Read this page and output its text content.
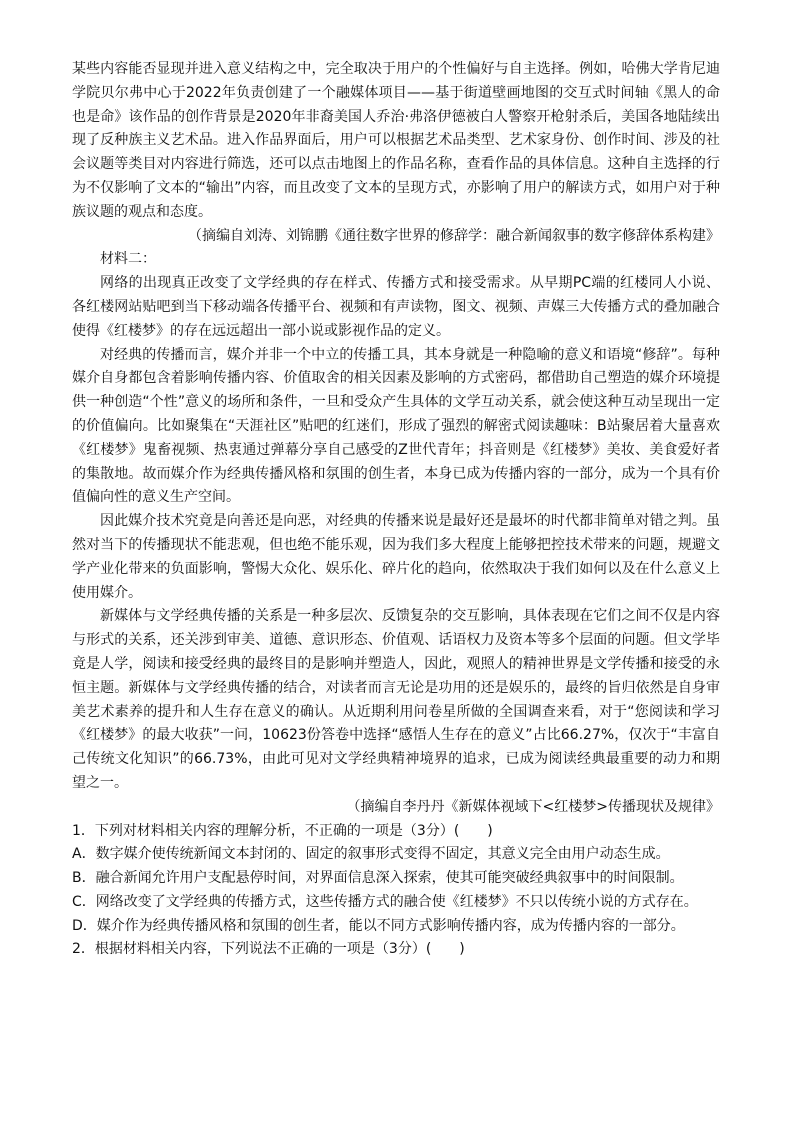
某些内容能否显现并进入意义结构之中，完全取决于用户的个性偏好与自主选择。例如，哈佛大学肯尼迪学院贝尔弗中心于2022年负责创建了一个融媒体项目——基于街道壁画地图的交互式时间轴《黑人的命也是命》该作品的创作背景是2020年非裔美国人乔治·弗洛伊德被白人警察开枪射杀后，美国各地陆续出现了反种族主义艺术品。进入作品界面后，用户可以根据艺术品类型、艺术家身份、创作时间、涉及的社会议题等类目对内容进行筛选，还可以点击地图上的作品名称，查看作品的具体信息。这种自主选择的行为不仅影响了文本的“输出”内容，而且改变了文本的呈现方式，亦影响了用户的解读方式，如用户对于种族议题的观点和态度。

（摘编自刘涛、刘锦鹏《通往数字世界的修辞学：融合新闻叙事的数字修辞体系构建》

材料二：

网络的出现真正改变了文学经典的存在样式、传播方式和接受需求。从早期PC端的红楼同人小说、各红楼网站贴吧到当下移动端各传播平台、视频和有声读物，图文、视频、声媒三大传播方式的叠加融合使得《红楼梦》的存在远远超出一部小说或影视作品的定义。

对经典的传播而言，媒介并非一个中立的传播工具，其本身就是一种隐喻的意义和语境“修辞”。每种媒介自身都包含着影响传播内容、价值取舍的相关因素及影响的方式密码，都借助自己塑造的媒介环境提供一种创造“个性”意义的场所和条件，一旦和受众产生具体的文学互动关系，就会使这种互动呈现出一定的价值偏向。比如聚集在“天涯社区”贴吧的红迷们，形成了强烈的解密式阅读趣味：B站聚居着大量喜欢《红楼梦》鬼畜视频、热衷通过弹幕分享自己感受的Z世代青年；抖音则是《红楼梦》美妆、美食爱好者的集散地。故而媒介作为经典传播风格和氛围的创生者，本身已成为传播内容的一部分，成为一个具有价值偏向性的意义生产空间。

因此媒介技术究竟是向善还是向恶，对经典的传播来说是最好还是最坏的时代都非简单对错之判。虽然对当下的传播现状不能悲观，但也绝不能乐观，因为我们多大程度上能够把控技术带来的问题，规避文学产业化带来的负面影响，警惕大众化、娱乐化、碎片化的趋向，依然取决于我们如何以及在什么意义上使用媒介。

新媒体与文学经典传播的关系是一种多层次、反馈复杂的交互影响，具体表现在它们之间不仅是内容与形式的关系，还关涉到审美、道德、意识形态、价值观、话语权力及资本等多个层面的问题。但文学毕竟是人学，阅读和接受经典的最终目的是影响并塑造人，因此，观照人的精神世界是文学传播和接受的永恒主题。新媒体与文学经典传播的结合，对读者而言无论是功用的还是娱乐的，最终的旨归依然是自身审美艺术素养的提升和人生存在意义的确认。从近期利用问卷星所做的全国调查来看，对于“您阅读和学习《红楼梦》的最大收获”一问，10623份答卷中选择“感悟人生存在的意义”占比66.27%，仅次于“丰富自己传统文化知识”的66.73%，由此可见对文学经典精神境界的追求，已成为阅读经典最重要的动力和期望之一。

（摘编自李丹丹《新媒体视域下<红楼梦>传播现状及规律》

1．下列对材料相关内容的理解分析，不正确的一项是（3分）(　　)

A．数字媒介使传统新闻文本封闭的、固定的叙事形式变得不固定，其意义完全由用户动态生成。

B．融合新闻允许用户支配悬停时间，对界面信息深入探索，使其可能突破经典叙事中的时间限制。

C．网络改变了文学经典的传播方式，这些传播方式的融合使《红楼梦》不只以传统小说的方式存在。

D．媒介作为经典传播风格和氛围的创生者，能以不同方式影响传播内容，成为传播内容的一部分。

2．根据材料相关内容，下列说法不正确的一项是（3分）(　　)
